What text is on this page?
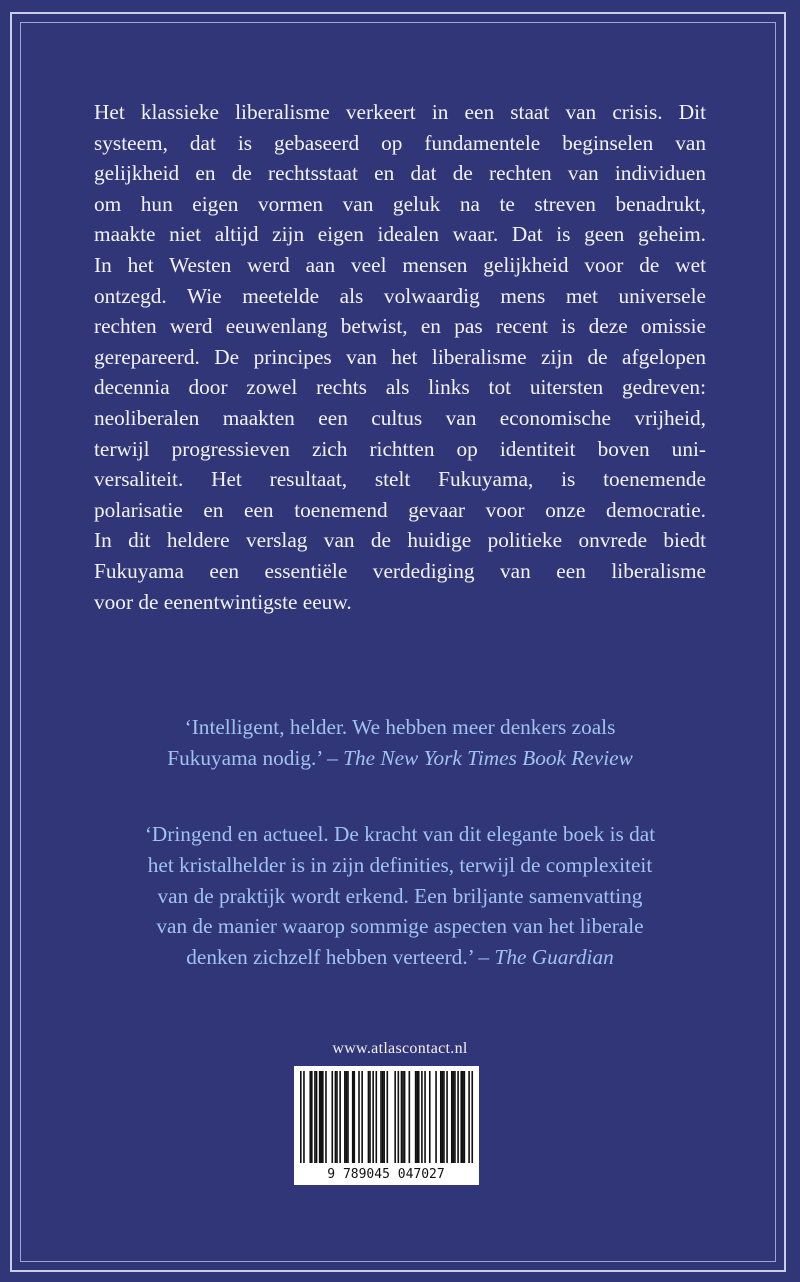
Het klassieke liberalisme verkeert in een staat van crisis. Dit
systeem, dat is gebaseerd op fundamentele beginselen van
gelijkheid en de rechtsstaat en dat de rechten van individuen
om hun eigen vormen van geluk na te streven benadrukt,
maakte niet altijd zijn eigen idealen waar. Dat is geen geheim.
In het Westen werd aan veel mensen gelijkheid voor de wet
ontzegd. Wie meetelde als volwaardig mens met universele
rechten werd eeuwenlang betwist, en pas recent is deze omissie
gerepareerd. De principes van het liberalisme zijn de afgelopen
decennia door zowel rechts als links tot uitersten gedreven:
neoliberalen maakten een cultus van economische vrijheid,
terwijl progressieven zich richtten op identiteit boven uni-
versaliteit. Het resultaat, stelt Fukuyama, is toenemende
polarisatie en een toenemend gevaar voor onze democratie.
In dit heldere verslag van de huidige politieke onvrede biedt
Fukuyama een essentiële verdediging van een liberalisme
voor de eenentwintigste eeuw.

‘Intelligent, helder. We hebben meer denkers zoals
Fukuyama nodig.’ – The New York Times Book Review

‘Dringend en actueel. De kracht van dit elegante boek is dat
het kristalhelder is in zijn definities, terwijl de complexiteit
van de praktijk wordt erkend. Een briljante samenvatting
van de manier waarop sommige aspecten van het liberale
denken zichzelf hebben verteerd.’ – The Guardian

www.atlascontact.nl
9 789045 047027
